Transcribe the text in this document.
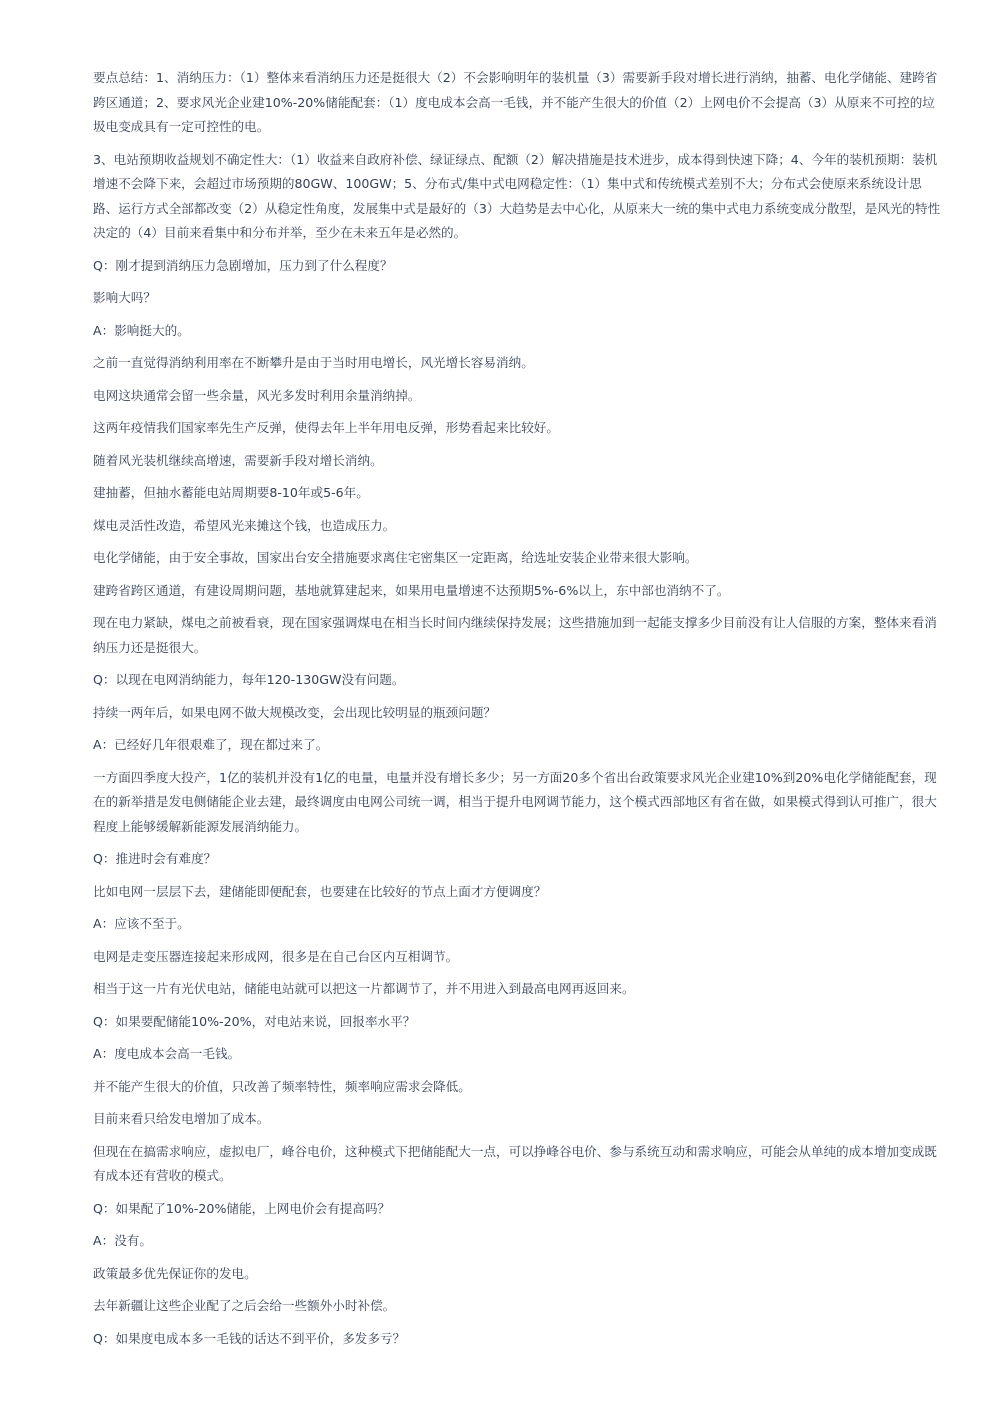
要点总结：1、消纳压力：（1）整体来看消纳压力还是挺很大（2）不会影响明年的装机量（3）需要新手段对增长进行消纳，抽蓄、电化学储能、建跨省跨区通道；2、要求风光企业建10%-20%储能配套：（1）度电成本会高一毛钱，并不能产生很大的价值（2）上网电价不会提高（3）从原来不可控的垃圾电变成具有一定可控性的电。

3、电站预期收益规划不确定性大：（1）收益来自政府补偿、绿证绿点、配额（2）解决措施是技术进步，成本得到快速下降；4、今年的装机预期：装机增速不会降下来，会超过市场预期的80GW、100GW；5、分布式/集中式电网稳定性：（1）集中式和传统模式差别不大；分布式会使原来系统设计思路、运行方式全部都改变（2）从稳定性角度，发展集中式是最好的（3）大趋势是去中心化，从原来大一统的集中式电力系统变成分散型，是风光的特性决定的（4）目前来看集中和分布并举，至少在未来五年是必然的。

Q：刚才提到消纳压力急剧增加，压力到了什么程度？

影响大吗？

A：影响挺大的。

之前一直觉得消纳利用率在不断攀升是由于当时用电增长，风光增长容易消纳。

电网这块通常会留一些余量，风光多发时利用余量消纳掉。

这两年疫情我们国家率先生产反弹，使得去年上半年用电反弹，形势看起来比较好。

随着风光装机继续高增速，需要新手段对增长消纳。

建抽蓄，但抽水蓄能电站周期要8-10年或5-6年。

煤电灵活性改造，希望风光来摊这个钱，也造成压力。

电化学储能，由于安全事故，国家出台安全措施要求离住宅密集区一定距离，给选址安装企业带来很大影响。

建跨省跨区通道，有建设周期问题，基地就算建起来，如果用电量增速不达预期5%-6%以上，东中部也消纳不了。

现在电力紧缺，煤电之前被看衰，现在国家强调煤电在相当长时间内继续保持发展；这些措施加到一起能支撑多少目前没有让人信服的方案，整体来看消纳压力还是挺很大。

Q：以现在电网消纳能力，每年120-130GW没有问题。

持续一两年后，如果电网不做大规模改变，会出现比较明显的瓶颈问题？

A：已经好几年很艰难了，现在都过来了。

一方面四季度大投产，1亿的装机并没有1亿的电量，电量并没有增长多少；另一方面20多个省出台政策要求风光企业建10%到20%电化学储能配套，现在的新举措是发电侧储能企业去建，最终调度由电网公司统一调，相当于提升电网调节能力，这个模式西部地区有省在做，如果模式得到认可推广，很大程度上能够缓解新能源发展消纳能力。

Q：推进时会有难度？

比如电网一层层下去，建储能即便配套，也要建在比较好的节点上面才方便调度？

A：应该不至于。

电网是走变压器连接起来形成网，很多是在自己台区内互相调节。

相当于这一片有光伏电站，储能电站就可以把这一片都调节了，并不用进入到最高电网再返回来。

Q：如果要配储能10%-20%，对电站来说，回报率水平？

A：度电成本会高一毛钱。

并不能产生很大的价值，只改善了频率特性，频率响应需求会降低。

目前来看只给发电增加了成本。

但现在在搞需求响应，虚拟电厂，峰谷电价，这种模式下把储能配大一点，可以挣峰谷电价、参与系统互动和需求响应，可能会从单纯的成本增加变成既有成本还有营收的模式。

Q：如果配了10%-20%储能，上网电价会有提高吗？

A：没有。

政策最多优先保证你的发电。

去年新疆让这些企业配了之后会给一些额外小时补偿。

Q：如果度电成本多一毛钱的话达不到平价，多发多亏？
